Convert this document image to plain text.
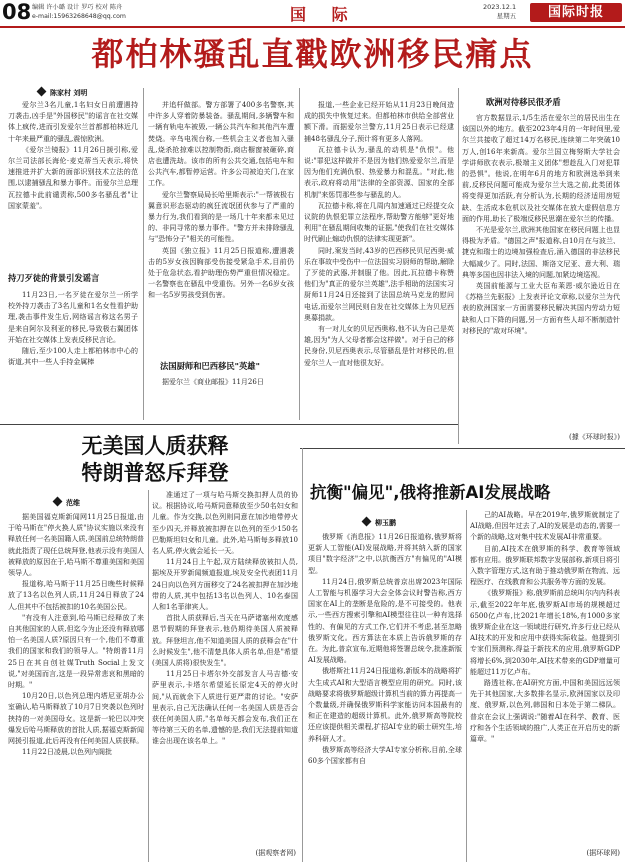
08 编辑 许小璐 设计 罗巧 校对 陈舟
e-mail:15963268648@qq.com	国 际	2023.12.1
星期五	国际时报
都柏林骚乱直戳欧洲移民痛点
陈家村 刘明

爱尔兰3名儿童,1名妇女日前遭遇持刀袭击,凶手是"外国移民"的谣言在社交媒体上疯传,进而引发爱尔兰首都都柏林近几十年来最严重的骚乱,震惊欧洲。

《爱尔兰镜报》11月26日援引称,爱尔兰司法部长海伦·麦克蒂当天表示,将快速推进并扩大新的面部识别技术立法的范围,以逮捕骚乱和暴力事件。而爱尔兰总理瓦拉德卡此前谴责称,500多名骚乱者"让国家蒙羞"。

持刀歹徒的背景引发谣言

11月23日,一名歹徒在爱尔兰一所学校外持刀袭击了3名儿童和1名女性看护助理,袭击事件发生后,网络谣言称这名男子是来自阿尔及利亚的移民,导致极右翼团体开始在社交媒体上发表反移民言论。

随后,至少100人走上都柏林市中心的街道,其中一些人手持金属棒

并追杆做部。警方部署了400多名警察,其中许多人穿着防暴装备。骚乱期间,多辆警车和一辆有轨电车被毁,一辆公共汽车和其他汽车遭焚烧。辛鸟电视台称,一些机会主义者也加入骚乱,烧杀抢掠难以控制物街,商店橱窗被砸碎,商店也遭洗劫。该市的所有公共交通,包括电车和公共汽车,都暂停运营。许多公司被迫关门,在家工作。

爱尔兰警察局局长哈里斯表示:"一帮被极右翼意识形态驱动的疯狂流氓团伙参与了严重的暴力行为,我们看到的是一场几十年来都未见过的、非同寻常的暴力事件。"警方并未排除骚乱与"恐怖分子"相关的可能性。

英国《独立报》11月25日报道称,遭遇袭击的5岁女孩因胸部受伤接受紧急手术,目前仍处于危急状态,看护助理伤势严重但情况稳定。一名警察也在骚乱中受重伤。另外一名6岁女孩和一名5岁男孩受到伤害。

法国厨师和巴西移民"英雄"

据爱尔兰《商业邮报》11月26日

报道,一些企业已经开始从11月23日晚间造成的损失中恢复过来。但都柏林市供给全部营业额下滑。而据爱尔兰警方,11月25日表示已经逮捕48名骚乱分子,预计将有更多人落网。

瓦拉德卡认为,骚乱的动机是"仇恨"。他说:"罪犯这样做并不是因为他们热爱爱尔兰,而是因为他们充满仇恨、热爱暴力和混乱。"对此,他表示,政府将动用"法律的全部资源、国家的全部机制"来惩罚那些参与骚乱的人。

瓦拉德卡称,将在几周内加速通过已经提交众议院的仇恨犯罪立法程序,帮助警方能够"更好地利用"在骚乱期间收集的证据,"使我们在社交媒体时代刷止煽动仇恨的法律实现更新"。

同时,案发当时,43岁的巴西移民贝尼西奥·威乐在事故中受伤中一位法国实习厨师的帮助,解除了歹徒的武器,并制服了他。因此,瓦拉德卡称赞他们为"真正的爱尔兰英雄",法手相助的法国实习厨师11月24日还接到了法国总统马克龙的慰问电话,而爱尔兰网民则自发在社交媒体上为贝尼西奥募捐款。

有一对儿女的贝尼西奥称,他不认为自己是英雄,因为"为人父母者都会这样做"。对于自己的移民身份,贝尼西奥表示,尽管骚乱是针对移民的,但爱尔兰人一直对他很友好。

欧洲对待移民很矛盾

官方数据显示,1/5生活在爱尔兰的居民出生在该国以外的地方。截至2023年4月的一年时间里,爱尔兰共接收了超过14万名移民,连续第二年突破10万人,创16年来新高。爱尔兰国立梅努斯大学社会学讲师欧衣表示,极端主义团体"想趁乱入门对犯罪的恐惧"。他说,在明年6月的地方和欧洲选举到来前,反移民问题可能成为爱尔兰大选之前,此类团体将变得更加活跃,有分析认为,长期的经济适用房短缺、生活成本危机以及社交媒体在放大虚假信息方面的作用,助长了极端反移民思潮在爱尔兰的传播。

不光是爱尔兰,欧洲其他国家在移民问题上也显得极为矛盾。"德国之声"报道称,自10月在与波兰、捷克和瑞士的边境加强检查后,涌入德国的非法移民大幅减少了。同时,法国、斯洛文尼亚、意大利、瑞典等多国也因非法入境的问题,加紧边境巡视。

英国前能源与工业大臣布莱恩·威尔逊近日在《苏格兰先驱报》上发表评论文章称,以爱尔兰为代表的欧洲国家一方面需要移民解决其国内劳动力短缺和人口下降的问题,另一方面有些人却不断制造针对移民的"敌对环境"。

(據《环球时报》)
无美国人质获释
特朗普怒斥拜登
范维

据美国福克斯新闻网11月25日报道,由于哈马斯在"停火换人质"协议实施以来没有释放任何一名美国籍人质,美国前总统特朗普就此指责了现任总统拜登,他表示没有美国人被释放的原因在于,哈马斯不尊重美国和美国领导人。

报道称,哈马斯于11月25日晚些时候释放了13名以色列人质,11月24日释放了24人,但其中不包括被扣的10名美国公民。

"有没有人注意到,哈马斯已经释放了来自其他国家的人质,但迄今为止还没有释放哪怕一名美国人质?原因只有一个,他们不尊重我们的国家和我们的领导人。"特朗普11月25日在其自创社媒Truth Social上发文说,"对美国而言,这是一段异常悲哀和黑暗的时期。"

10月20日,以色列总理内塔尼亚胡办公室确认,哈马斯释放了10月7日突袭以色列时挟持的一对美国母女。这是新一轮巴以冲突爆发后哈马斯释放的首批人质,据福克斯新闻网援引报道,此后再没有任何美国人质获释。

11月22日凌晨,以色列内阁批

准通过了一项与哈马斯交换扣押人员的协议。根据协议,哈马斯同意释放至少50名妇女和儿童。作为交换,以色列则同意在加沙地带停火至少四天,并释放被扣押在以色列的至少150名巴勒斯坦妇女和儿童。此外,哈马斯每多释放10名人质,停火就会延长一天。

11月24日上午起,双方陆续释放被扣人员,据埃及开罗新闻频道报道,埃及安全代表团11月24日向以色列方面移交了24名被扣押在加沙地带的人质,其中包括13名以色列人、10名泰国人和1名菲律宾人。

首批人质获释后,当天在马萨诸塞州欢度感恩节假期的拜登表示,他仍期待美国人质被释放。拜登坦言,他不知道美国人质的获释会在"什么时候发生",他不清楚具体人质名单,但是"希望(美国人质将)很快发生"。

11月25日卡塔尔外交部发言人马吉德·安萨里表示,卡塔尔希望延长原定4天的停火时间,"从而就余下人质进行更严肃的讨论。"安萨里表示,自己无法确认任何一名美国人质是否会获任何美国人质,"名单每天都会发布,我们正在等待第三天的名单,遗憾的是,我们无法提前知道谁会出现在该名单上。"

(据观察者网)
抗衡"偏见",俄将推新AI发展战略
柳玉鹏

俄罗斯《消息报》11月26日报道称,俄罗斯将更新人工智能(AI)发展战略,并将其纳入新的国家项目"数字经济"之中,以抗衡西方"有偏见的"AI模型。

11月24日,俄罗斯总统普京出席2023年国际人工智能与机器学习大会全体会议时警告称,西方国家在AI上的垄断是危险的,是不可接受的。他表示,一些西方搜索引擎和AI模型往往以一种有选择性的、有偏见的方式工作,它们并不考虑,甚至忽略俄罗斯文化。西方算法在本质上告诉俄罗斯的存在。为此,普京宣布,近期他将签署总统令,批准新版AI发展战略。

俄塔斯社11月24日报道称,新版本的战略将扩大生成式AI和大型语言模型应用的研究。同时,该战略要求将俄罗斯超级计算机当前的算力再提高一个数量级,并确保俄罗斯科学家能访问本国最有的和正在建造的超级计算机。此外,俄罗斯高等院校还应该提供相关课程,扩招AI专业的硕士研究生,培养科研人才。

俄罗斯高等经济大学AI专家分析称,目前,全球60多个国家都有自

己的AI战略。早在2019年,俄罗斯就制定了AI战略,但因年过去了,AI的发展是动态的,需要一个新的战略,这对集中技术发展AI非常重要。

目前,AI技术在俄罗斯的科学、教育等领域都有应用。俄罗斯联邦数字发展部称,新项目将引入数字管理方式,这有助于推动俄罗斯在物流、远程医疗、在线教育和公共服务等方面的发展。

《俄罗斯报》称,俄罗斯前总统叫尔内内科表示,截至2022年年底,俄罗斯AI市场的规模超过6500亿卢布,比2021年增长18%,有1000多家俄罗斯企业在这一领域进行研究,许多行业已经从AI技术的开发和应用中获得实际收益。他提到引专家们预测称,得益于新技术的应用,俄罗斯GDP将增长6%,到2030年,AI技术带来的GDP增量可能超过11万亿卢布。

路透社称,在AI研究方面,中国和美国远远领先于其他国家,大多数排名显示,欧洲国家以及印度、俄罗斯,以色列,韩国和日本处于第二梯队。普京在会议上强调说:"随着AI在科学、教育、医疗和各个生活领域的推广,人类正在开启历史的新篇章。"

(据环球网)
